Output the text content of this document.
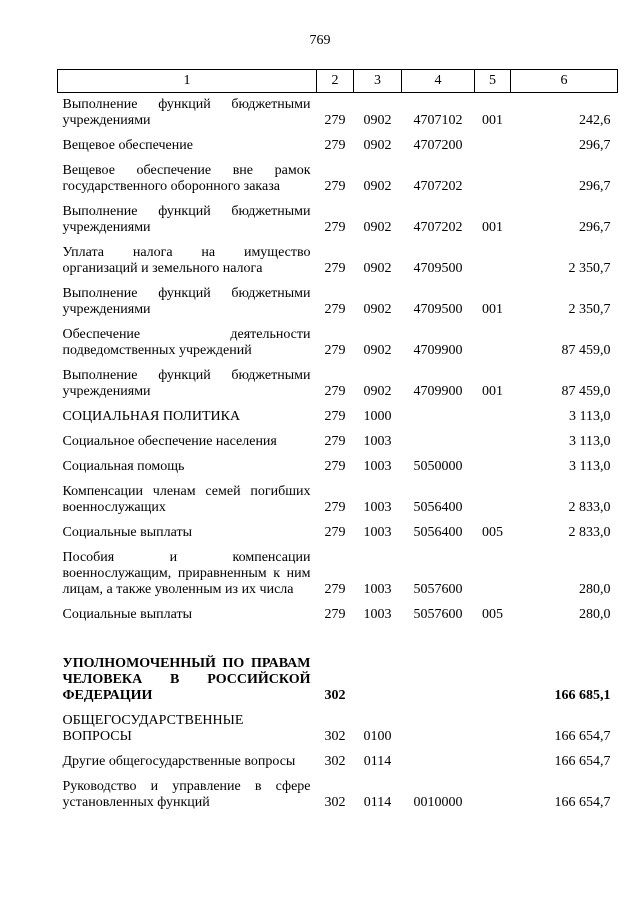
769
1	2	3	4	5	6
Выполнение функций бюджетными учреждениями	279	0902	4707102	001	242,6
Вещевое обеспечение	279	0902	4707200		296,7
Вещевое обеспечение вне рамок государственного оборонного заказа	279	0902	4707202		296,7
Выполнение функций бюджетными учреждениями	279	0902	4707202	001	296,7
Уплата налога на имущество организаций и земельного налога	279	0902	4709500		2 350,7
Выполнение функций бюджетными учреждениями	279	0902	4709500	001	2 350,7
Обеспечение деятельности подведомственных учреждений	279	0902	4709900		87 459,0
Выполнение функций бюджетными учреждениями	279	0902	4709900	001	87 459,0
СОЦИАЛЬНАЯ ПОЛИТИКА	279	1000			3 113,0
Социальное обеспечение населения	279	1003			3 113,0
Социальная помощь	279	1003	5050000		3 113,0
Компенсации членам семей погибших военнослужащих	279	1003	5056400		2 833,0
Социальные выплаты	279	1003	5056400	005	2 833,0
Пособия и компенсации военнослужащим, приравненным к ним лицам, а также уволенным из их числа	279	1003	5057600		280,0
Социальные выплаты	279	1003	5057600	005	280,0

УПОЛНОМОЧЕННЫЙ ПО ПРАВАМ ЧЕЛОВЕКА В РОССИЙСКОЙ ФЕДЕРАЦИИ	302				166 685,1
ОБЩЕГОСУДАРСТВЕННЫЕ ВОПРОСЫ	302	0100			166 654,7
Другие общегосударственные вопросы	302	0114			166 654,7
Руководство и управление в сфере установленных функций	302	0114	0010000		166 654,7
